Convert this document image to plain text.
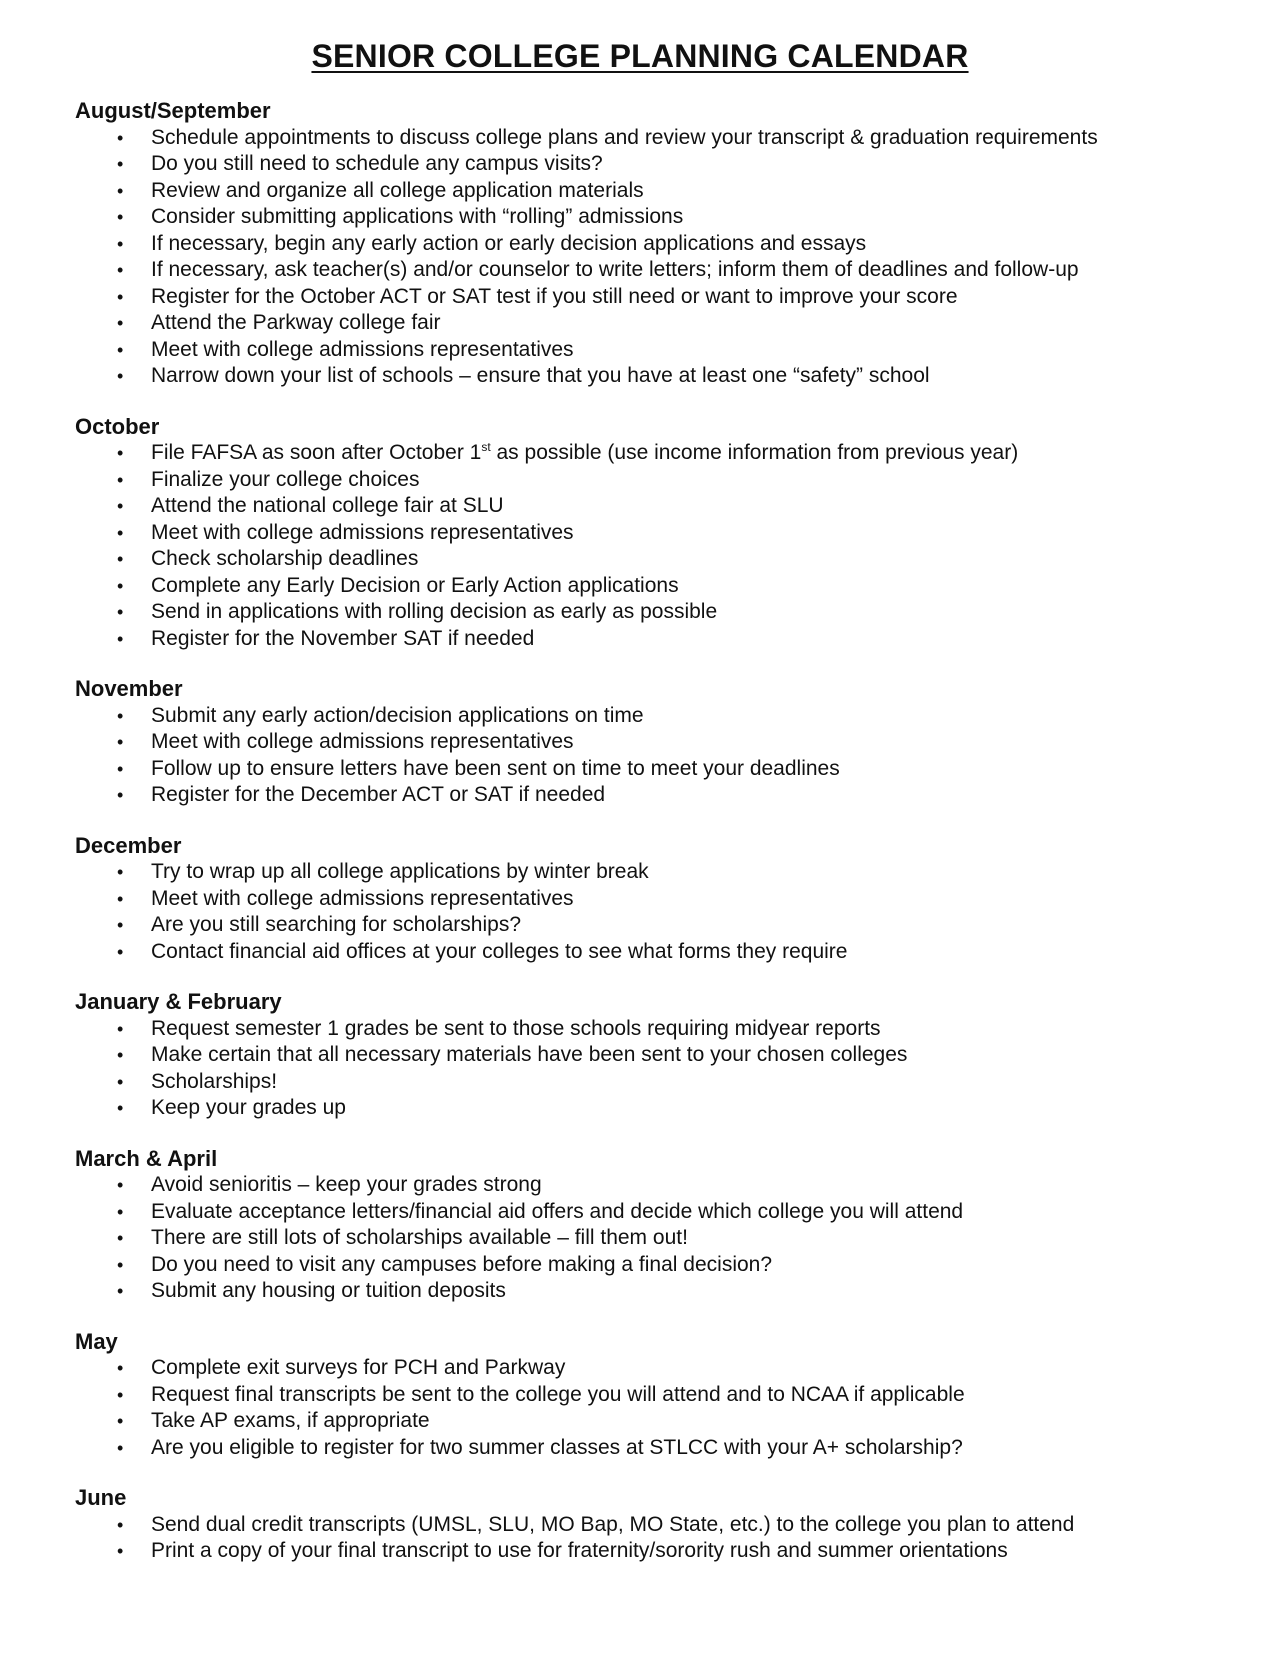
SENIOR COLLEGE PLANNING CALENDAR
August/September
• Schedule appointments to discuss college plans and review your transcript & graduation requirements
• Do you still need to schedule any campus visits?
• Review and organize all college application materials
• Consider submitting applications with “rolling” admissions
• If necessary, begin any early action or early decision applications and essays
• If necessary, ask teacher(s) and/or counselor to write letters; inform them of deadlines and follow-up
• Register for the October ACT or SAT test if you still need or want to improve your score
• Attend the Parkway college fair
• Meet with college admissions representatives
• Narrow down your list of schools – ensure that you have at least one “safety” school
October
• File FAFSA as soon after October 1st as possible (use income information from previous year)
• Finalize your college choices
• Attend the national college fair at SLU
• Meet with college admissions representatives
• Check scholarship deadlines
• Complete any Early Decision or Early Action applications
• Send in applications with rolling decision as early as possible
• Register for the November SAT if needed
November
• Submit any early action/decision applications on time
• Meet with college admissions representatives
• Follow up to ensure letters have been sent on time to meet your deadlines
• Register for the December ACT or SAT if needed
December
• Try to wrap up all college applications by winter break
• Meet with college admissions representatives
• Are you still searching for scholarships?
• Contact financial aid offices at your colleges to see what forms they require
January & February
• Request semester 1 grades be sent to those schools requiring midyear reports
• Make certain that all necessary materials have been sent to your chosen colleges
• Scholarships!
• Keep your grades up
March & April
• Avoid senioritis – keep your grades strong
• Evaluate acceptance letters/financial aid offers and decide which college you will attend
• There are still lots of scholarships available – fill them out!
• Do you need to visit any campuses before making a final decision?
• Submit any housing or tuition deposits
May
• Complete exit surveys for PCH and Parkway
• Request final transcripts be sent to the college you will attend and to NCAA if applicable
• Take AP exams, if appropriate
• Are you eligible to register for two summer classes at STLCC with your A+ scholarship?
June
• Send dual credit transcripts (UMSL, SLU, MO Bap, MO State, etc.) to the college you plan to attend
• Print a copy of your final transcript to use for fraternity/sorority rush and summer orientations
